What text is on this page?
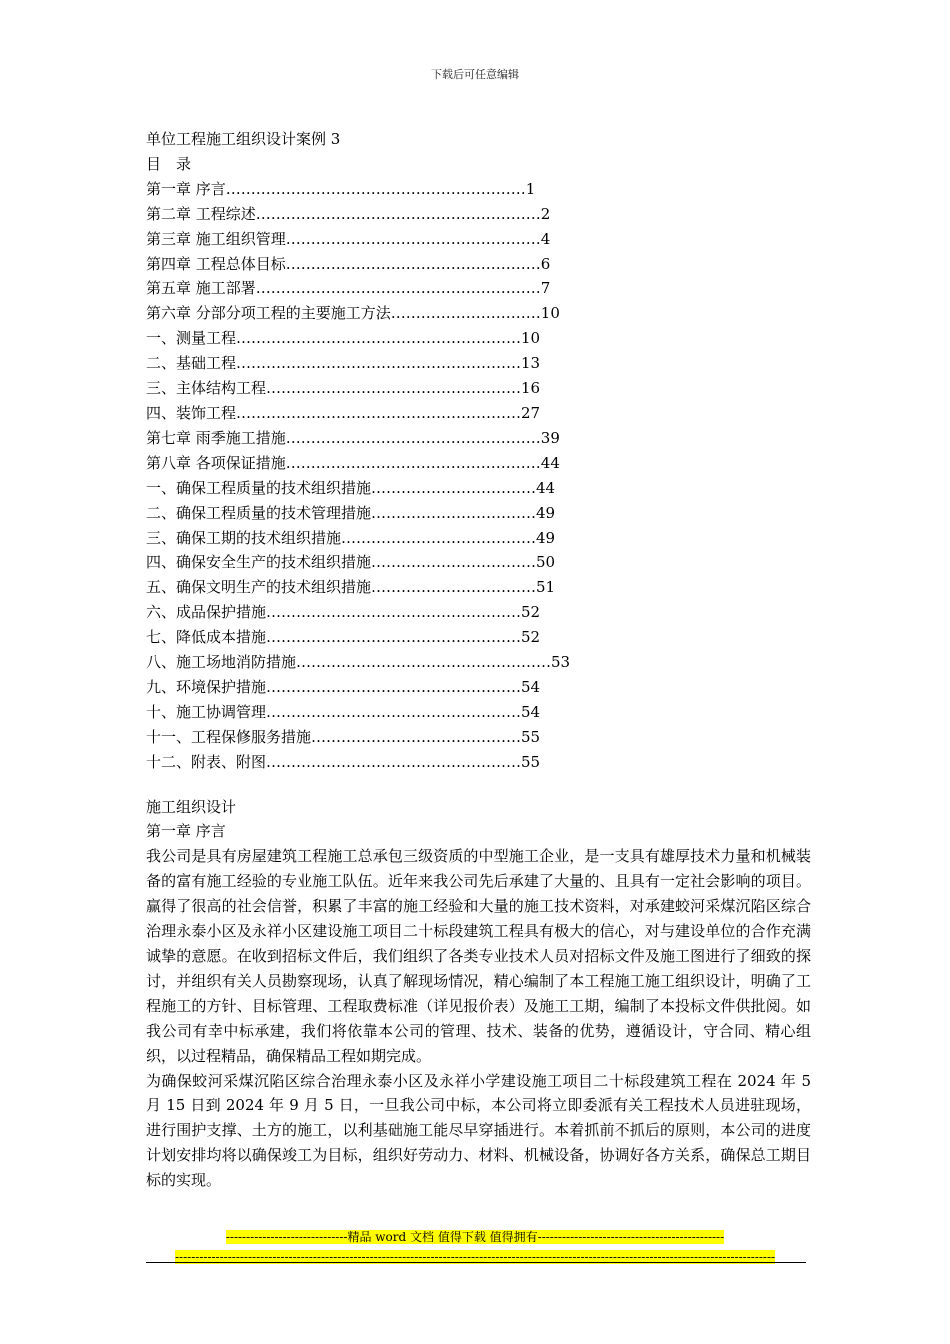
下载后可任意编辑
单位工程施工组织设计案例 3
目　录
第一章 序言……………………………………………………1
第二章 工程综述…………………………………………………2
第三章 施工组织管理……………………………………………4
第四章 工程总体目标……………………………………………6
第五章 施工部署…………………………………………………7
第六章 分部分项工程的主要施工方法…………………………10
一、测量工程…………………………………………………10
二、基础工程…………………………………………………13
三、主体结构工程……………………………………………16
四、装饰工程…………………………………………………27
第七章 雨季施工措施……………………………………………39
第八章 各项保证措施……………………………………………44
一、确保工程质量的技术组织措施……………………………44
二、确保工程质量的技术管理措施……………………………49
三、确保工期的技术组织措施…………………………………49
四、确保安全生产的技术组织措施……………………………50
五、确保文明生产的技术组织措施……………………………51
六、成品保护措施……………………………………………52
七、降低成本措施……………………………………………52
八、施工场地消防措施……………………………………………53
九、环境保护措施……………………………………………54
十、施工协调管理……………………………………………54
十一、工程保修服务措施……………………………………55
十二、附表、附图……………………………………………55
施工组织设计
第一章 序言
我公司是具有房屋建筑工程施工总承包三级资质的中型施工企业，是一支具有雄厚技术力量和机械装备的富有施工经验的专业施工队伍。近年来我公司先后承建了大量的、且具有一定社会影响的项目。赢得了很高的社会信誉，积累了丰富的施工经验和大量的施工技术资料，对承建蛟河采煤沉陷区综合治理永泰小区及永祥小区建设施工项目二十标段建筑工程具有极大的信心，对与建设单位的合作充满诚挚的意愿。在收到招标文件后，我们组织了各类专业技术人员对招标文件及施工图进行了细致的探讨，并组织有关人员勘察现场，认真了解现场情况，精心编制了本工程施工施工组织设计，明确了工程施工的方针、目标管理、工程取费标准（详见报价表）及施工工期，编制了本投标文件供批阅。如我公司有幸中标承建，我们将依靠本公司的管理、技术、装备的优势，遵循设计，守合同、精心组织，以过程精品，确保精品工程如期完成。
为确保蛟河采煤沉陷区综合治理永泰小区及永祥小学建设施工项目二十标段建筑工程在 2024 年 5 月 15 日到 2024 年 9 月 5 日，一旦我公司中标，本公司将立即委派有关工程技术人员进驻现场，进行围护支撑、土方的施工，以利基础施工能尽早穿插进行。本着抓前不抓后的原则，本公司的进度计划安排均将以确保竣工为目标，组织好劳动力、材料、机械设备，协调好各方关系，确保总工期目标的实现。
------------------------------精品 word 文档 值得下载 值得拥有----------------------------------------------
----------------------------------------------------------------------------------------------------------------------------------------------------
